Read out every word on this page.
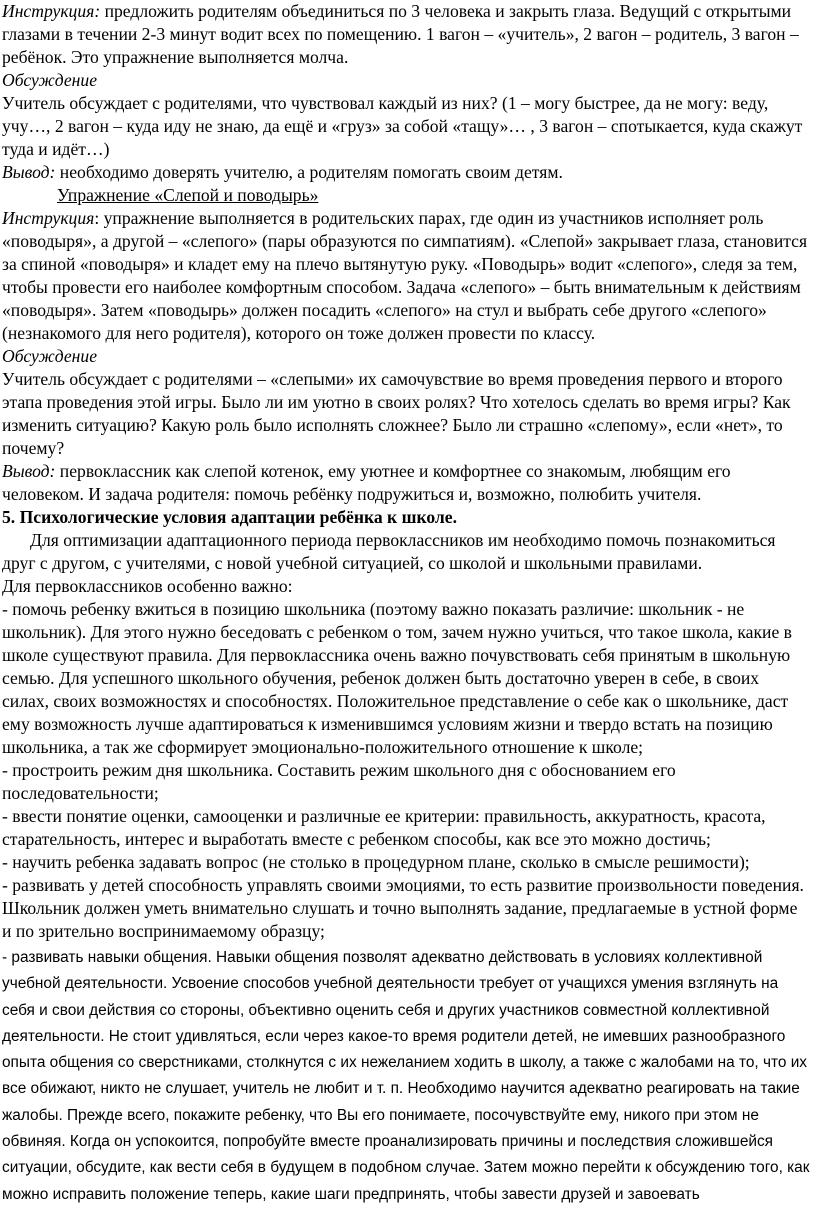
Инструкция: предложить родителям объединиться по 3 человека и закрыть глаза. Ведущий с открытыми глазами в течении 2-3 минут водит всех по помещению. 1 вагон – «учитель», 2 вагон – родитель, 3 вагон – ребёнок. Это упражнение выполняется молча.

Обсуждение

Учитель обсуждает с родителями, что чувствовал каждый из них? (1 – могу быстрее, да не могу: веду, учу…, 2 вагон – куда иду не знаю, да ещё и «груз» за собой «тащу»… , 3 вагон – спотыкается, куда скажут туда и идёт…)

Вывод: необходимо доверять учителю, а родителям помогать своим детям.

Упражнение «Слепой и поводырь»

Инструкция: упражнение выполняется в родительских парах, где один из участников исполняет роль «поводыря», а другой – «слепого» (пары образуются по симпатиям). «Слепой» закрывает глаза, становится за спиной «поводыря» и кладет ему на плечо вытянутую руку. «Поводырь» водит «слепого», следя за тем, чтобы провести его наиболее комфортным способом. Задача «слепого» – быть внимательным к действиям «поводыря». Затем «поводырь» должен посадить «слепого» на стул и выбрать себе другого «слепого» (незнакомого для него родителя), которого он тоже должен провести по классу.

Обсуждение

Учитель обсуждает с родителями – «слепыми» их самочувствие во время проведения первого и второго этапа проведения этой игры. Было ли им уютно в своих ролях? Что хотелось сделать во время игры? Как изменить ситуацию? Какую роль было исполнять сложнее? Было ли страшно «слепому», если «нет», то почему?

Вывод: первоклассник как слепой котенок, ему уютнее и комфортнее со знакомым, любящим его человеком. И задача родителя: помочь ребёнку подружиться и, возможно, полюбить учителя.

5. Психологические условия адаптации ребёнка к школе.

Для оптимизации адаптационного периода первоклассников им необходимо помочь познакомиться друг с другом, с учителями, с новой учебной ситуацией, со школой и школьными правилами.

Для первоклассников особенно важно:

- помочь ребенку вжиться в позицию школьника (поэтому важно показать различие: школьник - не школьник). Для этого нужно беседовать с ребенком о том, зачем нужно учиться, что такое школа, какие в школе существуют правила. Для первоклассника очень важно почувствовать себя принятым в школьную семью. Для успешного школьного обучения, ребенок должен быть достаточно уверен в себе, в своих силах, своих возможностях и способностях. Положительное представление о себе как о школьнике, даст ему возможность лучше адаптироваться к изменившимся условиям жизни и твердо встать на позицию школьника, а так же сформирует эмоционально-положительного отношение к школе;

- простроить режим дня школьника. Составить режим школьного дня с обоснованием его последовательности;

- ввести понятие оценки, самооценки и различные ее критерии: правильность, аккуратность, красота, старательность, интерес и выработать вместе с ребенком способы, как все это можно достичь;

- научить ребенка задавать вопрос (не столько в процедурном плане, сколько в смысле решимости);

- развивать у детей способность управлять своими эмоциями, то есть развитие произвольности поведения. Школьник должен уметь внимательно слушать и точно выполнять задание, предлагаемые в устной форме и по зрительно воспринимаемому образцу;

- развивать навыки общения. Навыки общения позволят адекватно действовать в условиях коллективной учебной деятельности. Усвоение способов учебной деятельности требует от учащихся умения взглянуть на себя и свои действия со стороны, объективно оценить себя и других участников совместной коллективной деятельности. Не стоит удивляться, если через какое-то время родители детей, не имевших разнообразного опыта общения со сверстниками, столкнутся с их нежеланием ходить в школу, а также с жалобами на то, что их все обижают, никто не слушает, учитель не любит и т. п. Необходимо научится адекватно реагировать на такие жалобы. Прежде всего, покажите ребенку, что Вы его понимаете, посочувствуйте ему, никого при этом не обвиняя. Когда он успокоится, попробуйте вместе проанализировать причины и последствия сложившейся ситуации, обсудите, как вести себя в будущем в подобном случае. Затем можно перейти к обсуждению того, как можно исправить положение теперь, какие шаги предпринять, чтобы завести друзей и завоевать
